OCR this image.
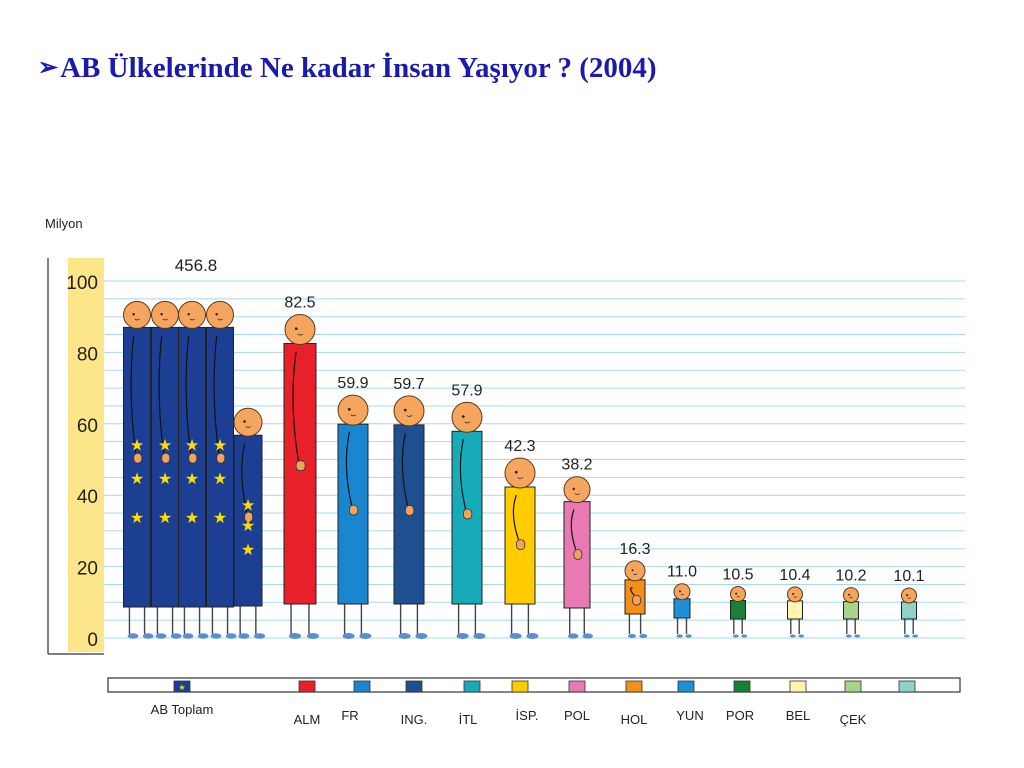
➢AB Ülkelerinde Ne kadar İnsan Yaşıyor ? (2004)
Milyon
★
★
★
★
★
★
★
★
★
★
★
★
★
★
★
0
20
40
60
80
100
456.8
82.5
59.9 59.7 57.9
42.3
38.2
16.3
11.0 10.5 10.4 10.2 10.1
★
AB Toplam
ALM FR	ING. İTL	İSP. POL HOL YUN POR BEL ÇEK
